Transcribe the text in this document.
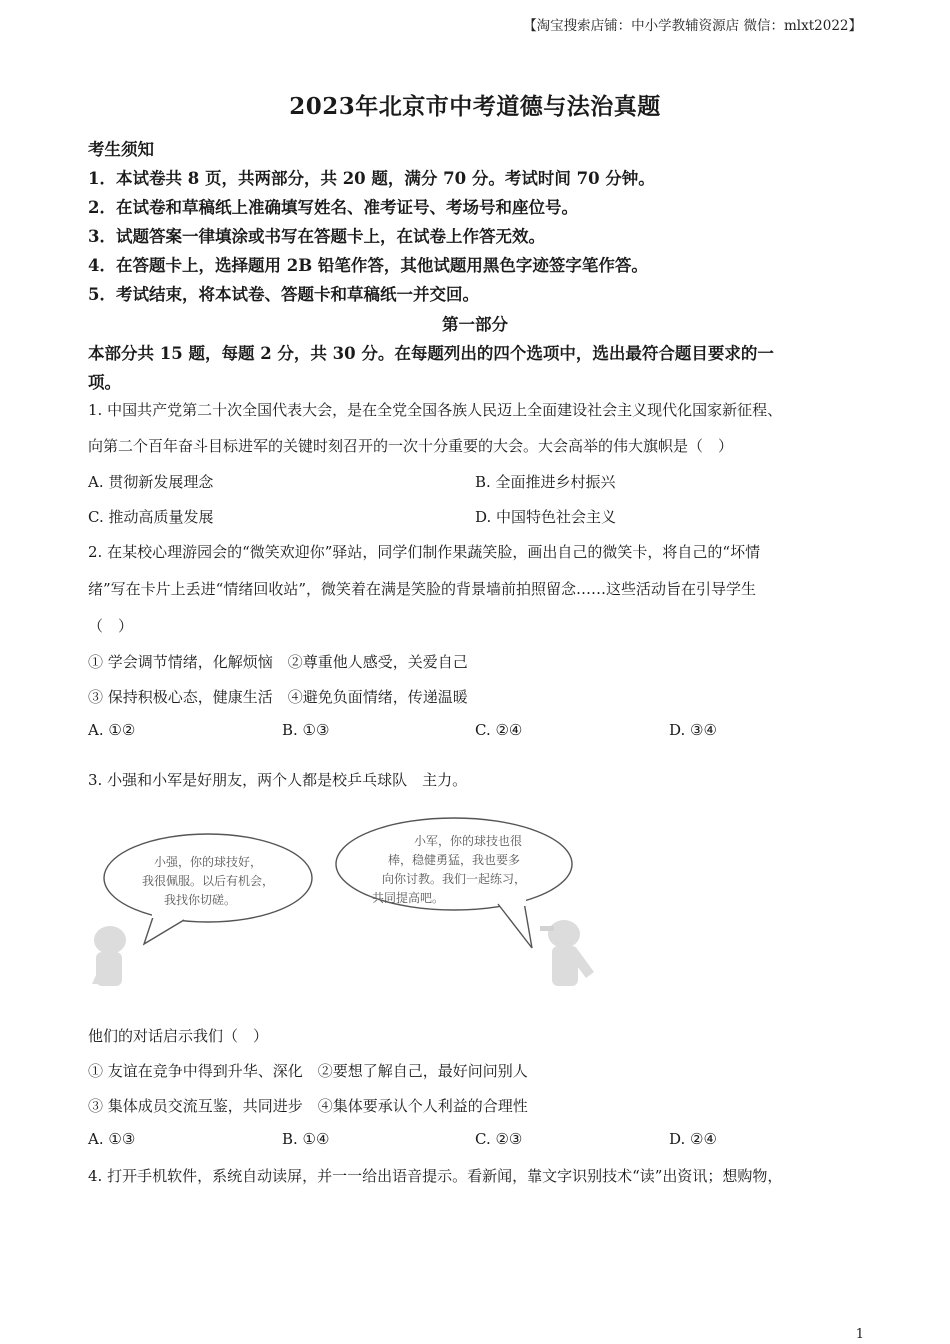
【淘宝搜索店铺：中小学教辅资源店 微信：mlxt2022】
2023年北京市中考道德与法治真题
考生须知
1．本试卷共 8 页，共两部分，共 20 题，满分 70 分。考试时间 70 分钟。
2．在试卷和草稿纸上准确填写姓名、准考证号、考场号和座位号。
3．试题答案一律填涂或书写在答题卡上，在试卷上作答无效。
4．在答题卡上，选择题用 2B 铅笔作答，其他试题用黑色字迹签字笔作答。
5．考试结束，将本试卷、答题卡和草稿纸一并交回。
第一部分
本部分共 15 题，每题 2 分，共 30 分。在每题列出的四个选项中，选出最符合题目要求的一
项。
1. 中国共产党第二十次全国代表大会，是在全党全国各族人民迈上全面建设社会主义现代化国家新征程、
向第二个百年奋斗目标进军的关键时刻召开的一次十分重要的大会。大会高举的伟大旗帜是（　）
A. 贯彻新发展理念	B. 全面推进乡村振兴
C. 推动高质量发展	D. 中国特色社会主义
2. 在某校心理游园会的“微笑欢迎你”驿站，同学们制作果蔬笑脸，画出自己的微笑卡，将自己的“坏情
绪”写在卡片上丢进“情绪回收站”，微笑着在满是笑脸的背景墙前拍照留念……这些活动旨在引导学生
（　）
① 学会调节情绪，化解烦恼　②尊重他人感受，关爱自己
③ 保持积极心态，健康生活　④避免负面情绪，传递温暖
A. ①②	B. ①③	C. ②④	D. ③④
3. 小强和小军是好朋友，两个人都是校乒乓球队　主力。
小强，你的球技好，
我很佩服。以后有机会，
我找你切磋。
小军，你的球技也很
棒，稳健勇猛，我也要多
向你讨教。我们一起练习，
共同提高吧。
他们的对话启示我们（　）
① 友谊在竞争中得到升华、深化　②要想了解自己，最好问问别人
③ 集体成员交流互鉴，共同进步　④集体要承认个人利益的合理性
A. ①③	B. ①④	C. ②③	D. ②④
4. 打开手机软件，系统自动读屏，并一一给出语音提示。看新闻，靠文字识别技术“读”出资讯；想购物，
1
